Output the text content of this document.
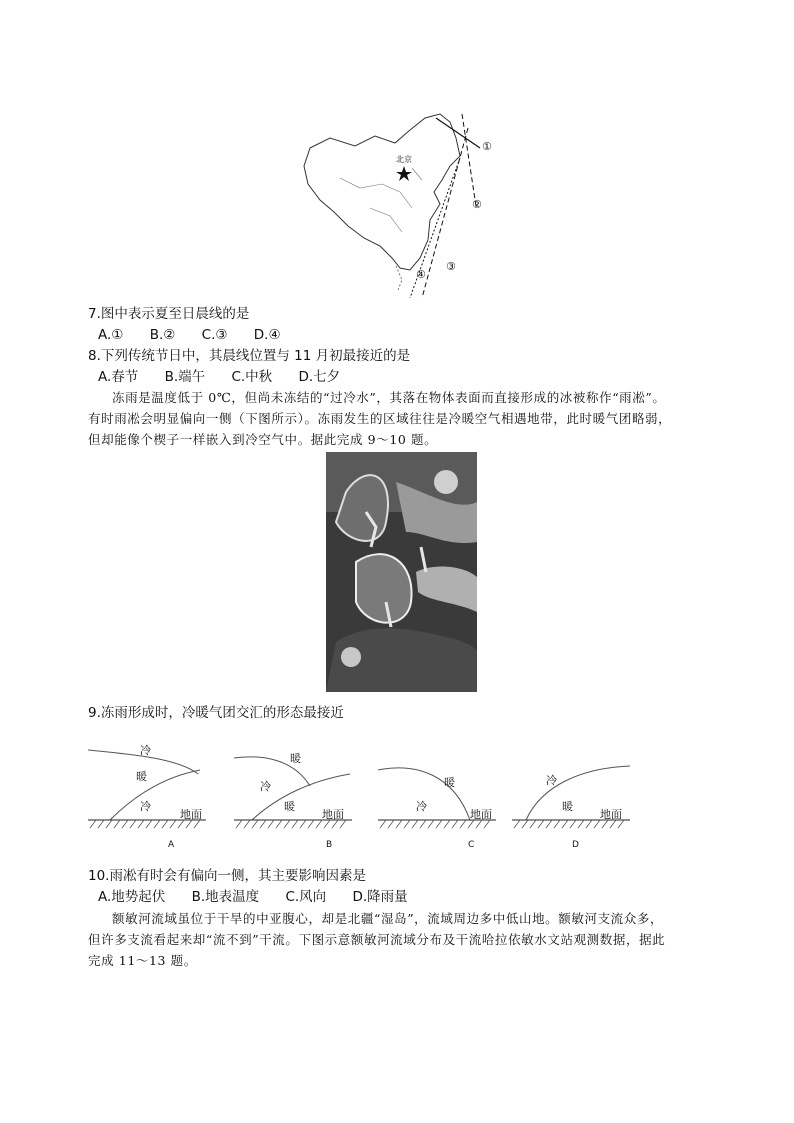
北京
①
②
③
④
7.图中表示夏至日晨线的是
A.① B.② C.③ D.④
8.下列传统节日中，其晨线位置与 11 月初最接近的是
A.春节 B.端午 C.中秋 D.七夕
冻雨是温度低于 0℃，但尚未冻结的“过冷水”，其落在物体表面而直接形成的冰被称作“雨凇”。
有时雨凇会明显偏向一侧（下图所示）。冻雨发生的区域往往是冷暖空气相遇地带，此时暖气团略弱，
但却能像个楔子一样嵌入到冷空气中。据此完成 9～10 题。
9.冻雨形成时，冷暖气团交汇的形态最接近
冷
暖
冷
地面
A
暖
冷
暖
地面
B
暖
冷
地面
C
冷
暖
地面
D
10.雨凇有时会有偏向一侧，其主要影响因素是
A.地势起伏 B.地表温度 C.风向 D.降雨量
额敏河流域虽位于干旱的中亚腹心，却是北疆“湿岛”，流域周边多中低山地。额敏河支流众多，
但许多支流看起来却“流不到”干流。下图示意额敏河流域分布及干流哈拉依敏水文站观测数据，据此
完成 11～13 题。
